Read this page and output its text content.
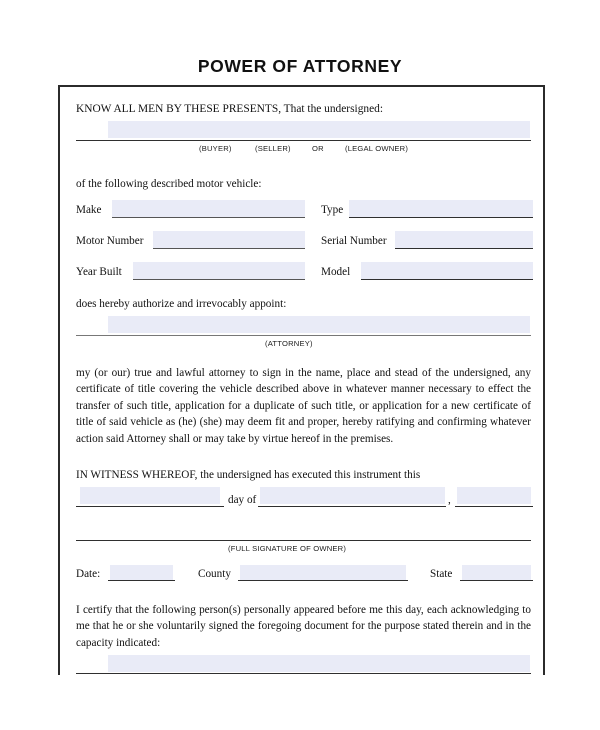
POWER OF ATTORNEY
KNOW ALL MEN BY THESE PRESENTS, That the undersigned:
(BUYER)	(SELLER)	OR	(LEGAL OWNER)
of the following described motor vehicle:
Make	Type
Motor Number	Serial Number
Year Built	Model
does hereby authorize and irrevocably appoint:
(ATTORNEY)
my (or our) true and lawful attorney to sign in the name, place and stead of the undersigned, any certificate of title covering the vehicle described above in whatever manner necessary to effect the transfer of such title, application for a duplicate of such title, or application for a new certificate of title of said vehicle as (he) (she) may deem fit and proper, hereby ratifying and confirming whatever action said Attorney shall or may take by virtue hereof in the premises.
IN WITNESS WHEREOF, the undersigned has executed this instrument this
day of	,
(FULL SIGNATURE OF OWNER)
Date:	County	State
I certify that the following person(s) personally appeared before me this day, each acknowledging to me that he or she voluntarily signed the foregoing document for the purpose stated therein and in the capacity indicated:
